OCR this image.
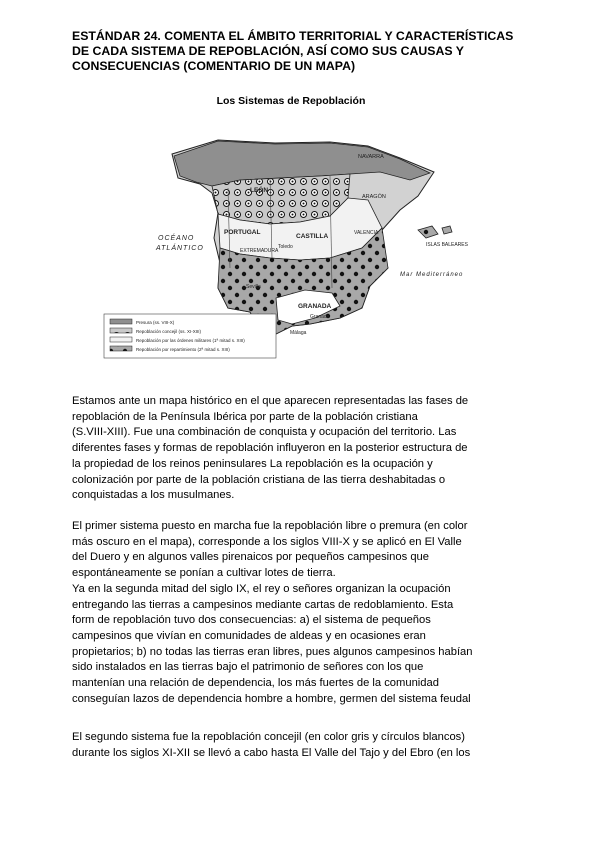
ESTÁNDAR 24. COMENTA EL ÁMBITO TERRITORIAL Y CARACTERÍSTICAS
DE CADA SISTEMA DE REPOBLACIÓN, ASÍ COMO SUS CAUSAS Y
CONSECUENCIAS (COMENTARIO DE UN MAPA)
Los Sistemas de Repoblación
OCÉANO
ATLÁNTICO
Mar Mediterráneo
LEÓN
CASTILLA
PORTUGAL
NAVARRA
ARAGÓN
EXTREMADURA
GRANADA
VALENCIA
ISLAS BALEARES
Toledo
Sevilla
Málaga
Granada
Presura (ss. VIII-X)
Repoblación concejil (ss. XI-XIII)
Repoblación por las órdenes militares (1ª mitad s. XIII)
Repoblación por repartimiento (2ª mitad s. XIII)
Estamos ante un mapa histórico en el que aparecen representadas las fases de
repoblación de la Península Ibérica por parte de la población cristiana
(S.VIII-XIII). Fue una combinación de conquista y ocupación del territorio. Las
diferentes fases y formas de repoblación influyeron en la posterior estructura de
la propiedad de los reinos peninsulares La repoblación es la ocupación y
colonización por parte de la población cristiana de las tierra deshabitadas o
conquistadas a los musulmanes.
El primer sistema puesto en marcha fue la repoblación libre o premura (en color
más oscuro en el mapa), corresponde a los siglos VIII-X y se aplicó en El Valle
del Duero y en algunos valles pirenaicos por pequeños campesinos que
espontáneamente se ponían a cultivar lotes de tierra.
Ya en la segunda mitad del siglo IX, el rey o señores organizan la ocupación
entregando las tierras a campesinos mediante cartas de redoblamiento. Esta
form de repoblación tuvo dos consecuencias: a) el sistema de pequeños
campesinos que vivían en comunidades de aldeas y en ocasiones eran
propietarios; b) no todas las tierras eran libres, pues algunos campesinos habían
sido instalados en las tierras bajo el patrimonio de señores con los que
mantenían una relación de dependencia, los más fuertes de la comunidad
conseguían lazos de dependencia hombre a hombre, germen del sistema feudal
El segundo sistema fue la repoblación concejil (en color gris y círculos blancos)
durante los siglos XI-XII se llevó a cabo hasta El Valle del Tajo y del Ebro (en los
